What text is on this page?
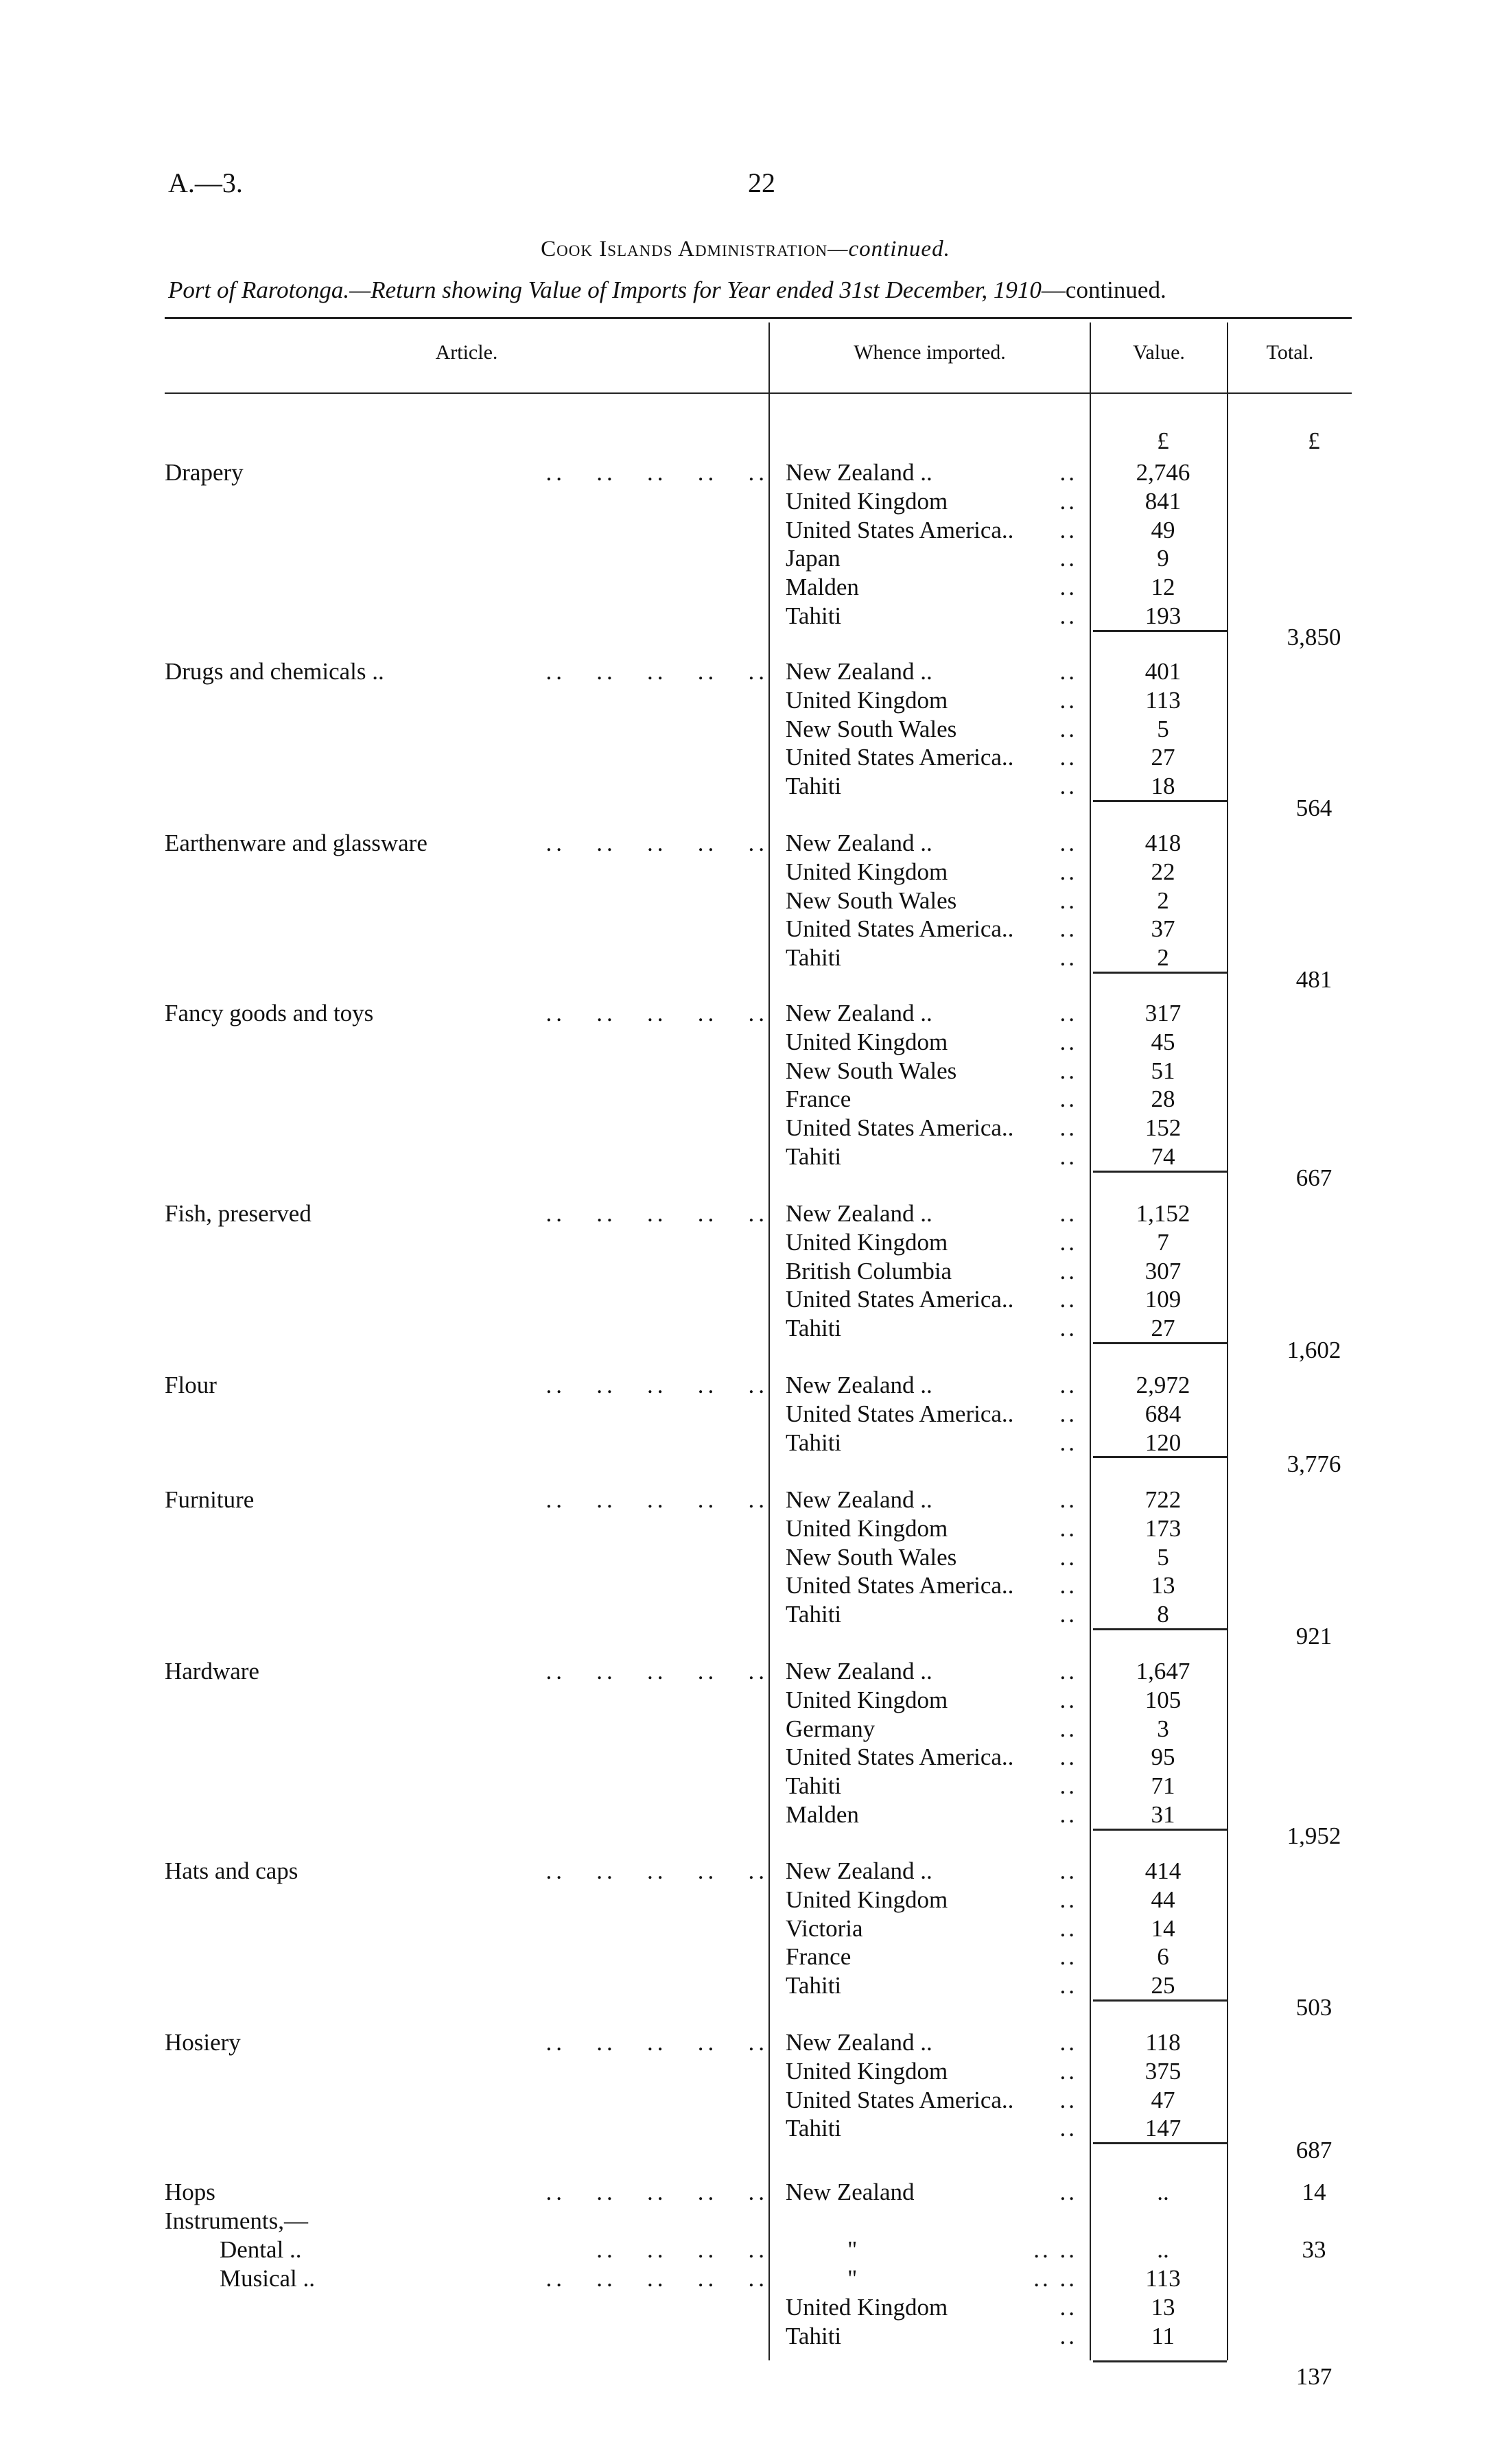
A.—3.	22
Cook Islands Administration—continued.
Port of Rarotonga.—Return showing Value of Imports for Year ended 31st December, 1910—continued.
Article.	Whence imported.	Value.	Total.
£	£
Drapery	..   ..   ..   ..   .. New Zealand ..	..	2,746
United Kingdom	..	841
United States America.. ..	49
Japan	..	9
Malden	..	12
Tahiti	..	193
3,850
Drugs and chemicals ..	..   ..   ..   ..   .. New Zealand ..	..	401
United Kingdom	..	113
New South Wales	..	5
United States America.. ..	27
Tahiti	..	18
564
Earthenware and glassware	..   ..   ..   ..   .. New Zealand ..	..	418
United Kingdom	..	22
New South Wales	..	2
United States America.. ..	37
Tahiti	..	2
481
Fancy goods and toys	..   ..   ..   ..   .. New Zealand ..	..	317
United Kingdom	..	45
New South Wales	..	51
France	..	28
United States America.. ..	152
Tahiti	..	74
667
Fish, preserved	..   ..   ..   ..   .. New Zealand ..	..	1,152
United Kingdom	..	7
British Columbia	..	307
United States America.. ..	109
Tahiti	..	27
1,602
Flour	..   ..   ..   ..   .. New Zealand ..	..	2,972
United States America.. ..	684
Tahiti	..	120
3,776
Furniture	..   ..   ..   ..   .. New Zealand ..	..	722
United Kingdom	..	173
New South Wales	..	5
United States America.. ..	13
Tahiti	..	8
921
Hardware	..   ..   ..   ..   .. New Zealand ..	..	1,647
United Kingdom	..	105
Germany	..	3
United States America.. ..	95
Tahiti	..	71
Malden	..	31
1,952
Hats and caps	..   ..   ..   ..   .. New Zealand ..	..	414
United Kingdom	..	44
Victoria	..	14
France	..	6
Tahiti	..	25
503
Hosiery	..   ..   ..   ..   .. New Zealand ..	..	118
United Kingdom	..	375
United States America.. ..	47
Tahiti	..	147
687
Hops	..   ..   ..   ..   .. New Zealand	..	..	14
Instruments,—
Dental ..	..   ..   ..   ..	"	.. ..	..	33
Musical ..	..   ..   ..   ..   ..	"	.. ..	113
United Kingdom	..	13
Tahiti	..	11
137
